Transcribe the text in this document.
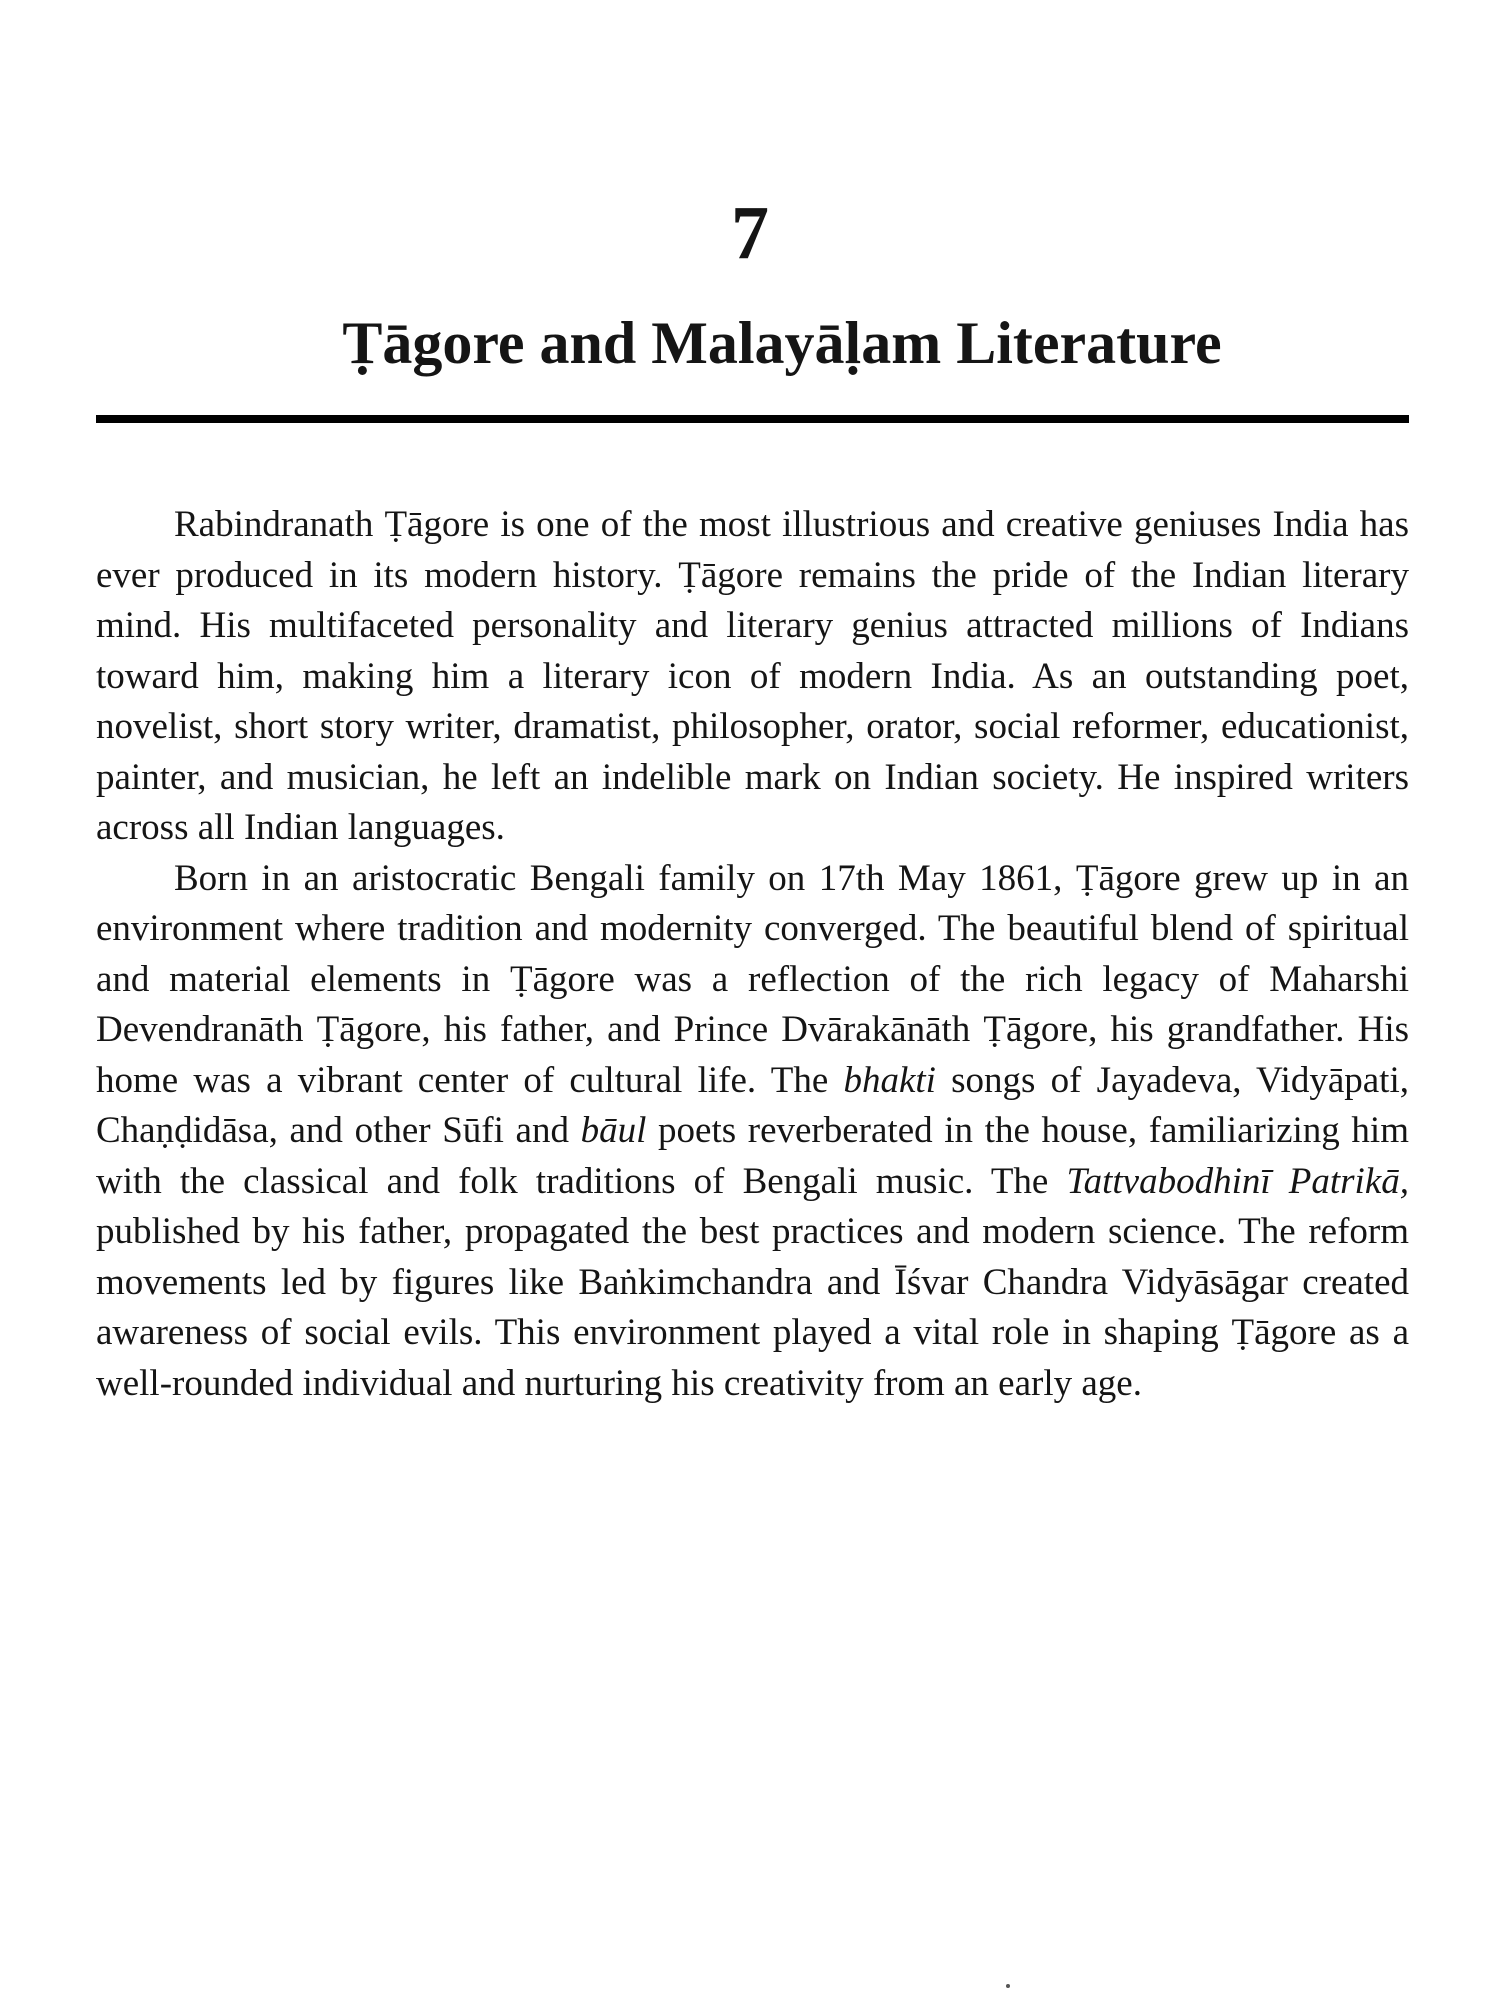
7
Ṭāgore and Malayāḷam Literature

Rabindranath Ṭāgore is one of the most illustrious and creative geniuses India has ever produced in its modern history. Ṭāgore remains the pride of the Indian literary mind. His multifaceted personality and literary genius attracted millions of Indians toward him, making him a literary icon of modern India. As an outstanding poet, novelist, short story writer, dramatist, philosopher, orator, social reformer, educationist, painter, and musician, he left an indelible mark on Indian society. He inspired writers across all Indian languages.

Born in an aristocratic Bengali family on 17th May 1861, Ṭāgore grew up in an environment where tradition and modernity converged. The beautiful blend of spiritual and material elements in Ṭāgore was a reflection of the rich legacy of Maharshi Devendranāth Ṭāgore, his father, and Prince Dvārakānāth Ṭāgore, his grandfather. His home was a vibrant center of cultural life. The bhakti songs of Jayadeva, Vidyāpati, Chaṇḍidāsa, and other Sūfi and bāul poets reverberated in the house, familiarizing him with the classical and folk traditions of Bengali music. The Tattvabodhinī Patrikā, published by his father, propagated the best practices and modern science. The reform movements led by figures like Baṅkimchandra and Īśvar Chandra Vidyāsāgar created awareness of social evils. This environment played a vital role in shaping Ṭāgore as a well-rounded individual and nurturing his creativity from an early age.
